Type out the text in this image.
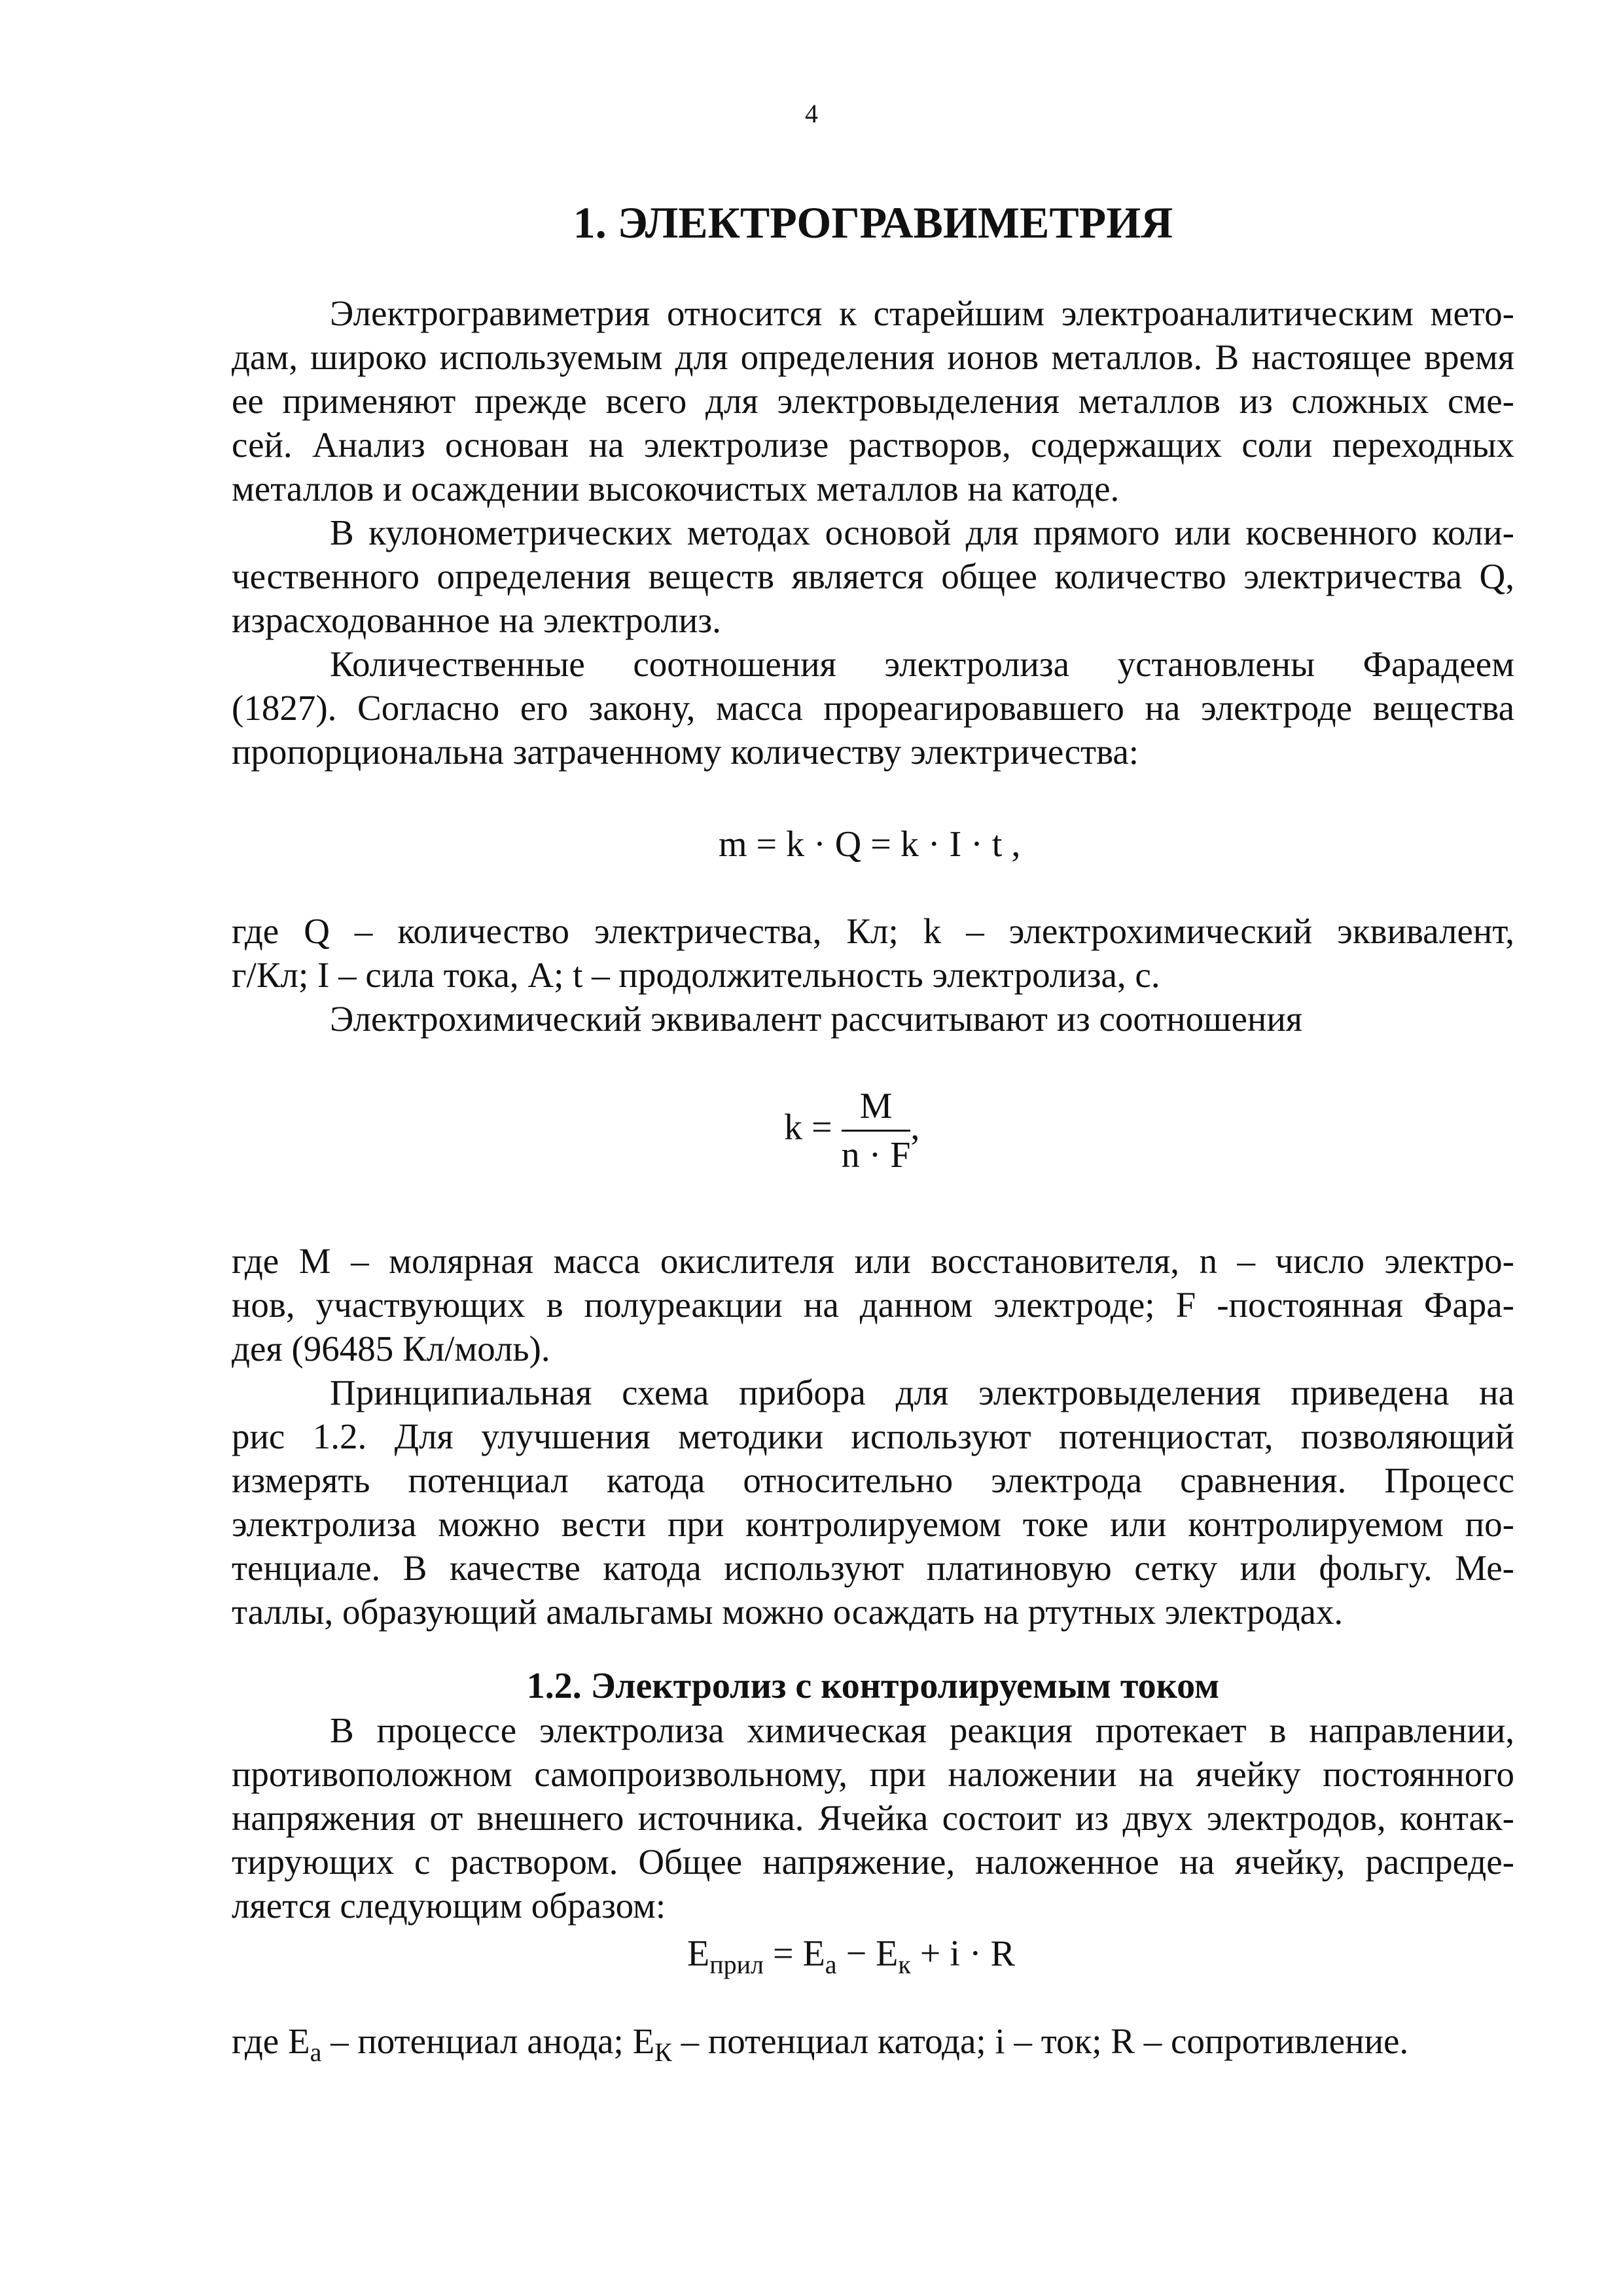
4
1. ЭЛЕКТРОГРАВИМЕТРИЯ
Электрогравиметрия относится к старейшим электроаналитическим мето-
дам, широко используемым для определения ионов металлов. В настоящее время
ее применяют прежде всего для электровыделения металлов из сложных сме-
сей. Анализ основан на электролизе растворов, содержащих соли переходных
металлов и осаждении высокочистых металлов на катоде.
В кулонометрических методах основой для прямого или косвенного коли-
чественного определения веществ является общее количество электричества Q,
израсходованное на электролиз.
Количественные соотношения электролиза установлены Фарадеем
(1827). Согласно его закону, масса прореагировавшего на электроде вещества
пропорциональна затраченному количеству электричества:
m = k · Q = k · I · t ,
где Q – количество электричества, Кл; k – электрохимический эквивалент,
г/Кл; I – сила тока, А; t – продолжительность электролиза, с.
Электрохимический эквивалент рассчитывают из соотношения
$k = \frac{M}{n \cdot F}$ ,
где М – молярная масса окислителя или восстановителя, n – число электро-
нов, участвующих в полуреакции на данном электроде; F -постоянная Фара-
дея (96485 Кл/моль).
Принципиальная схема прибора для электровыделения приведена на
рис 1.2. Для улучшения методики используют потенциостат, позволяющий
измерять потенциал катода относительно электрода сравнения. Процесс
электролиза можно вести при контролируемом токе или контролируемом по-
тенциале. В качестве катода используют платиновую сетку или фольгу. Ме-
таллы, образующий амальгамы можно осаждать на ртутных электродах.
1.2. Электролиз с контролируемым током
В процессе электролиза химическая реакция протекает в направлении,
противоположном самопроизвольному, при наложении на ячейку постоянного
напряжения от внешнего источника. Ячейка состоит из двух электродов, контак-
тирующих с раствором. Общее напряжение, наложенное на ячейку, распреде-
ляется следующим образом:
$E_{прил} = E_а - E_к + i \cdot R$
где $E_а$ – потенциал анода; $E_К$ – потенциал катода; i – ток; R – сопротивление.
